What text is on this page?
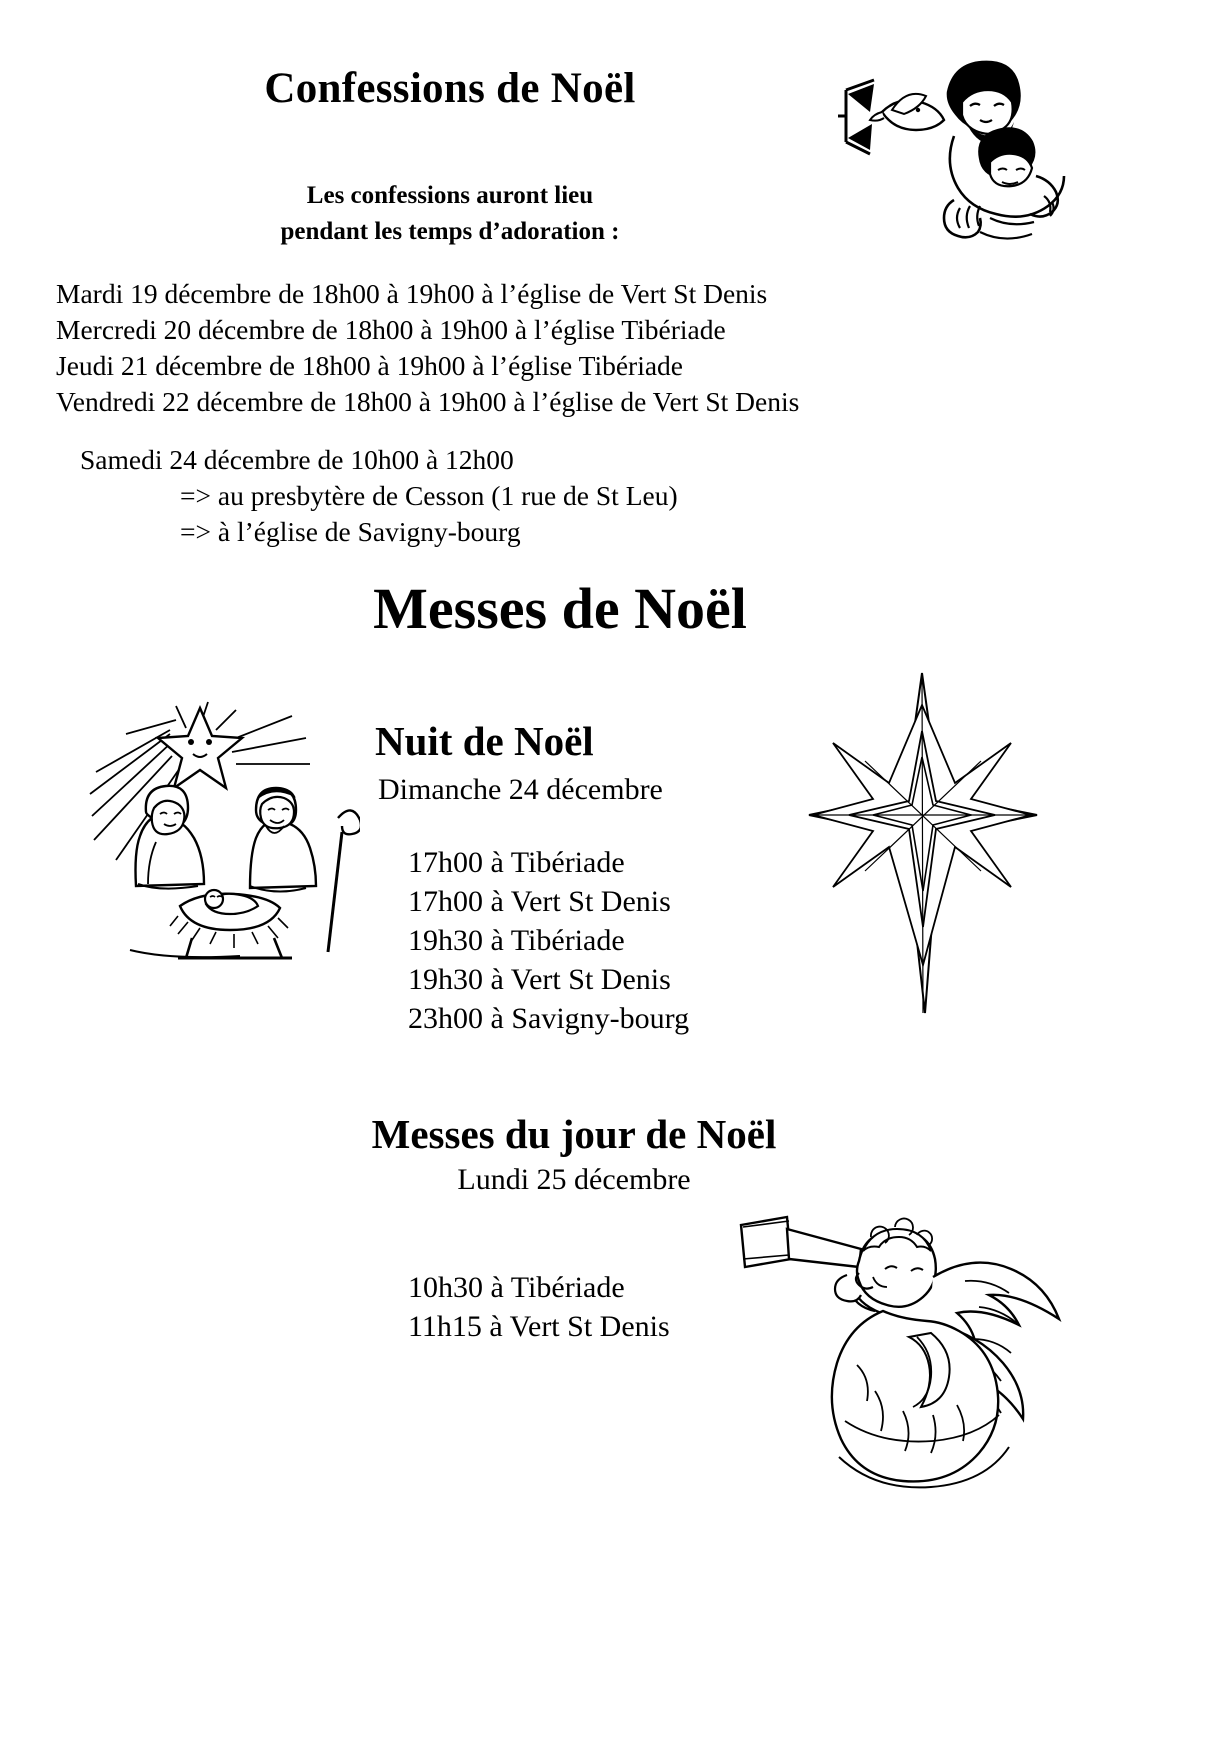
Confessions de Noël
Les confessions auront lieu
pendant les temps d’adoration :
Mardi 19 décembre de 18h00 à 19h00 à l’église de Vert St Denis
Mercredi 20 décembre de 18h00 à 19h00 à l’église Tibériade
Jeudi 21 décembre de 18h00 à 19h00 à l’église Tibériade
Vendredi 22 décembre de 18h00 à 19h00 à l’église de Vert St Denis
Samedi 24 décembre de 10h00 à 12h00
=> au presbytère de Cesson (1 rue de St Leu)
=> à l’église de Savigny-bourg
Messes de Noël
Nuit de Noël
Dimanche 24 décembre
17h00 à Tibériade
17h00 à Vert St Denis
19h30 à Tibériade
19h30 à Vert St Denis
23h00 à Savigny-bourg
Messes du jour de Noël
Lundi 25 décembre
10h30 à Tibériade
11h15 à Vert St Denis
